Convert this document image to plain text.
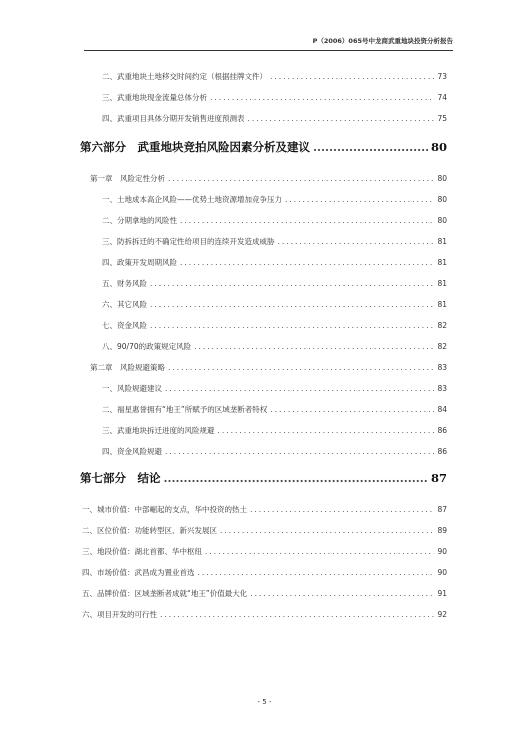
P（2006）065号中龙商武重地块投资分析报告
二、武重地块土地移交时间约定（根据挂牌文件） .....	73
三、武重地块现金流量总体分析 .....	74
四、武重项目具体分期开发销售进度预测表 .....	75
第六部分　武重地块竞拍风险因素分析及建议 .....	80
第一章　风险定性分析 .....	80
一、土地成本高企风险——优势土地资源增加竞争压力 .....	80
二、分期拿地的风险性 .....	80
三、防拆拆迁的不确定性给项目的连续开发造成威胁 .....	81
四、政策开发周期风险 .....	81
五、财务风险 .....	81
六、其它风险 .....	81
七、资金风险 .....	82
八、90/70的政策规定风险 .....	82
第二章　风险规避策略 .....	83
一、风险规避建议 .....	83
二、福星惠誉拥有“地王”所赋予的区域垄断者特权 .....	84
三、武重地块拆迁进度的风险规避 .....	86
四、资金风险规避 .....	86
第七部分　结论 .....	87
一、城市价值：中部崛起的支点，华中投资的热土 .....	87
二、区位价值：功能转型区、新兴发展区 .....	89
三、地段价值：湖北首都、华中枢纽 .....	90
四、市场价值：武昌成为置业首选 .....	90
五、品牌价值：区域垄断者成就“地王”价值最大化 .....	91
六、项目开发的可行性 .....	92
- 5 -
